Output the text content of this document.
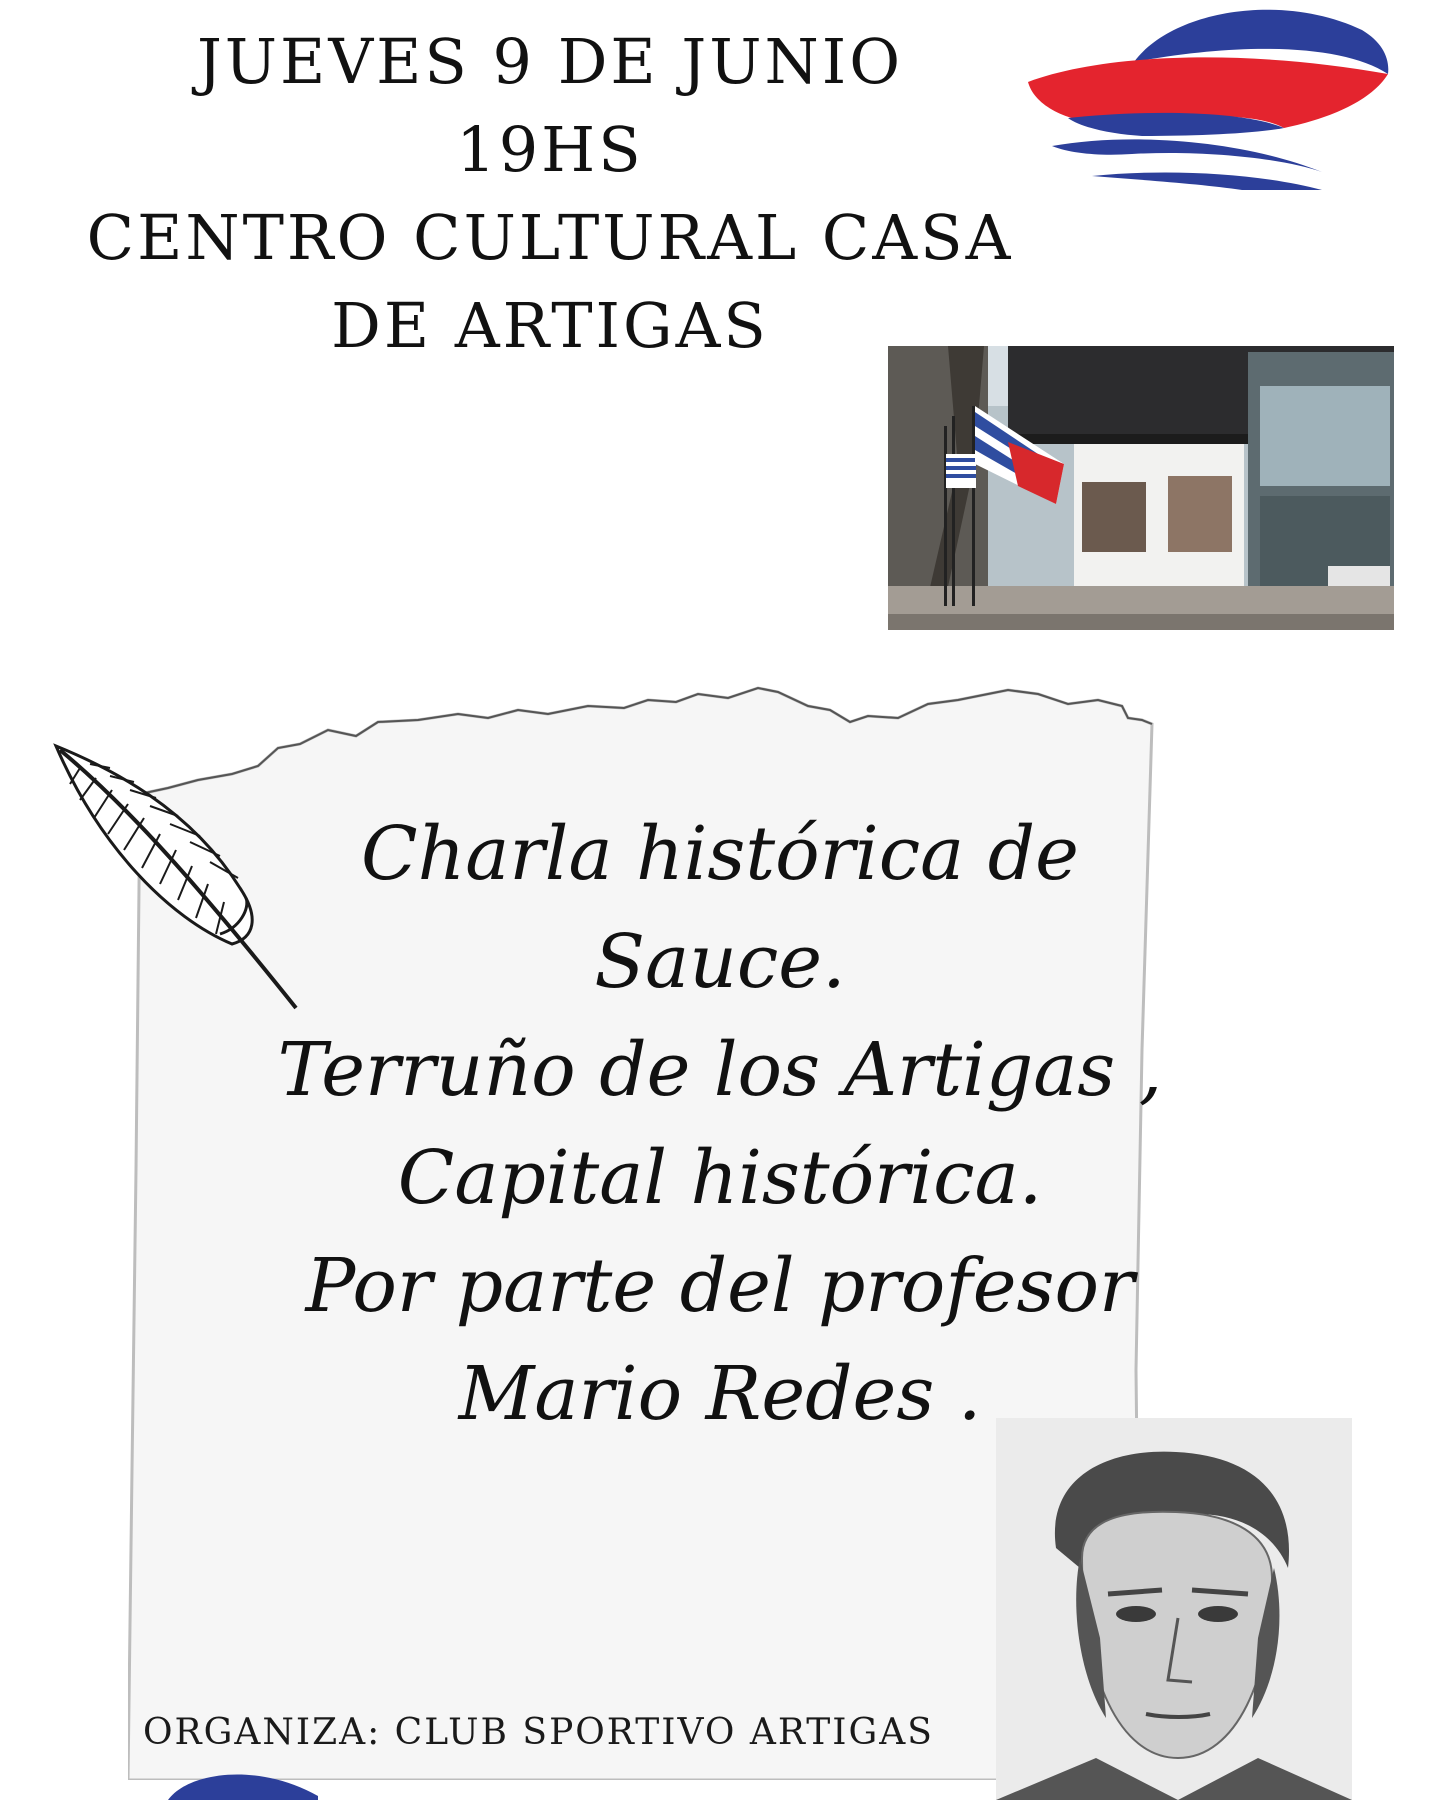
JUEVES 9 DE JUNIO
19HS
CENTRO CULTURAL CASA
DE ARTIGAS
Charla histórica de
Sauce.
Terruño de los Artigas ,
Capital histórica.
Por parte del profesor
Mario Redes .
ORGANIZA: CLUB SPORTIVO ARTIGAS
